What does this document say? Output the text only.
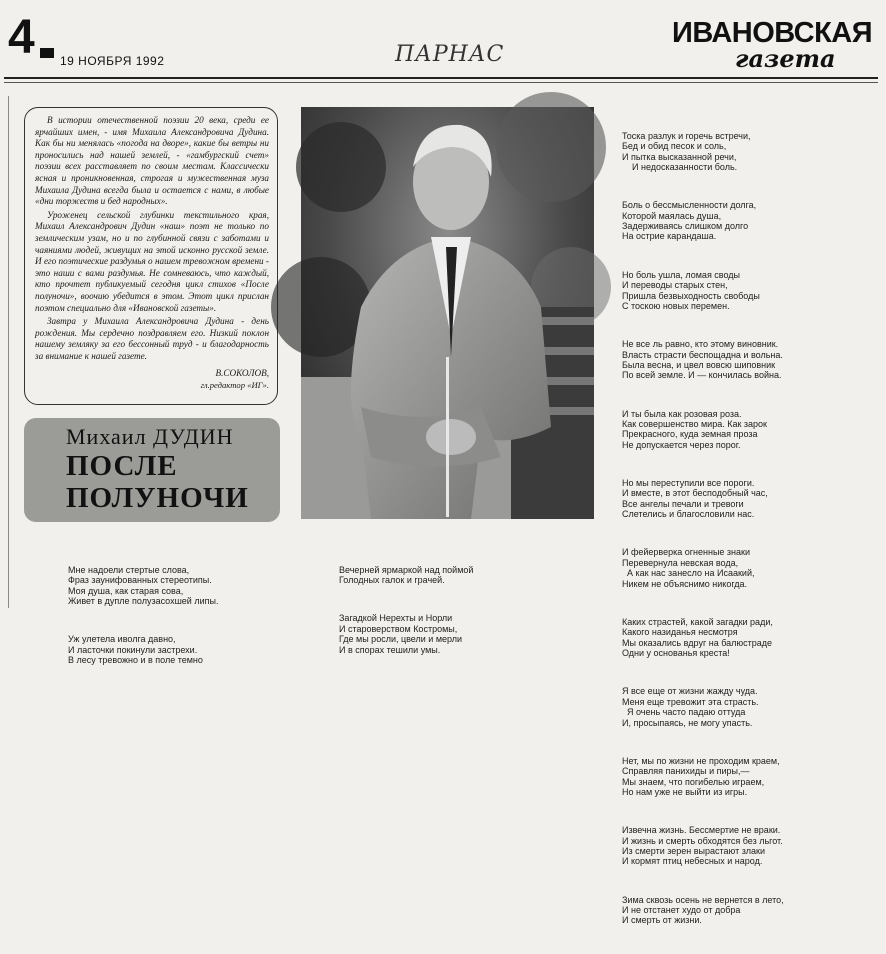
4 19 НОЯБРЯ 1992	ПАРНАС
ИВАНОВСКАЯ
газета

В истории отечественной поэзии 20 века, среди ее ярчайших имен, - имя Михаила Александровича Дудина. Как бы ни менялась «погода на дворе», какие бы ветры ни проносились над нашей землей, - «гамбургский счет» поэзии всех расставляет по своим местам. Классически ясная и проникновенная, строгая и мужественная муза Михаила Дудина всегда была и остается с нами, в любые «дни торжеств и бед народных».

Уроженец сельской глубинки текстильного края, Михаил Александрович Дудин «наш» поэт не только по землическим узам, но и по глубинной связи с заботами и чаяниями людей, живущих на этой исконно русской земле. И его поэтические раздумья о нашем тревожном времени - это наши с вами раздумья. Не сомневаюсь, что каждый, кто прочтет публикуемый сегодня цикл стихов «После полуночи», воочию убедится в этом. Этот цикл прислан поэтом специально для «Ивановской газеты».

Завтра у Михаила Александровича Дудина - день рождения. Мы сердечно поздравляем его. Низкий поклон нашему земляку за его бессонный труд - и благодарность за внимание к нашей газете.

В.СОКОЛОВ,
гл.редактор «ИГ».
Михаил ДУДИН
ПОСЛЕ
ПОЛУНОЧИ

Тоска разлук и горечь встречи,
Бед и обид песок и соль,
И пытка высказанной речи,
И недосказанности боль.

Боль о бессмысленности долга,
Которой маялась душа,
Задерживаясь слишком долго
На острие карандаша.

Но боль ушла, ломая своды
И переводы старых стен,
Пришла безвыходность свободы
С тоскою новых перемен.

Не все ль равно, кто этому виновник.
Власть страсти беспощадна и вольна.
Была весна, и цвел вовсю шиповник
По всей земле. И — кончилась война.

И ты была как розовая роза.
Как совершенство мира. Как зарок
Прекрасного, куда земная проза
Не допускается через порог.

Но мы переступили все пороги.
И вместе, в этот бесподобный час,
Все ангелы печали и тревоги
Слетелись и благословили нас.

И фейерверка огненные знаки
Перевернула невская вода,
А как нас занесло на Исаакий,
Никем не объяснимо никогда.

Каких страстей, какой загадки ради,
Какого назиданья несмотря
Мы оказались вдруг на балюстраде
Одни у основанья креста!

Я все еще от жизни жажду чуда.
Меня еще тревожит эта страсть.
Я очень часто падаю оттуда
И, просыпаясь, не могу упасть.

Нет, мы по жизни не проходим краем,
Справляя панихиды и пиры,—
Мы знаем, что погибелью играем,
Но нам уже не выйти из игры.

Извечна жизнь. Бессмертие не враки.
И жизнь и смерть обходятся без льгот.
Из смерти зерен вырастают злаки
И кормят птиц небесных и народ.

Зима сквозь осень не вернется в лето,
И не отстанет худо от добра
И смерть от жизни.

Мне надоели стертые слова,
Фраз заунифованных стереотипы.
Моя душа, как старая сова,
Живет в дупле полузасохшей липы.

Уж улетела иволга давно,
И ласточки покинули застрехи.
В лесу тревожно и в поле темно

Вечерней ярмаркой над поймой
Голодных галок и грачей.

Загадкой Нерехты и Норли
И староверством Костромы,
Где мы росли, цвели и мерли
И в спорах тешили умы.
